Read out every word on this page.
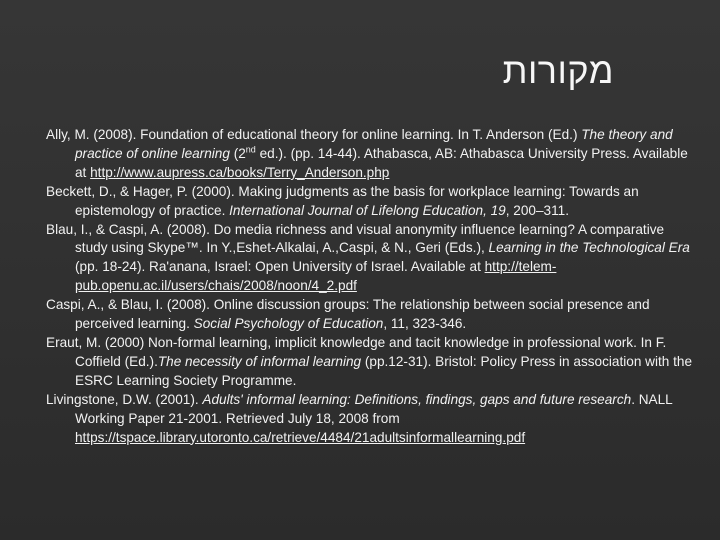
מקורות
Ally, M. (2008). Foundation of educational theory for online learning. In T. Anderson (Ed.) The theory and practice of online learning (2nd ed.). (pp. 14-44). Athabasca, AB: Athabasca University Press. Available at http://www.aupress.ca/books/Terry_Anderson.php
Beckett, D., & Hager, P. (2000). Making judgments as the basis for workplace learning: Towards an epistemology of practice. International Journal of Lifelong Education, 19, 200–311.
Blau, I., & Caspi, A. (2008). Do media richness and visual anonymity influence learning? A comparative study using Skype™. In Y.,Eshet-Alkalai, A.,Caspi, & N., Geri (Eds.), Learning in the Technological Era (pp. 18-24). Ra'anana, Israel: Open University of Israel. Available at http://telem-pub.openu.ac.il/users/chais/2008/noon/4_2.pdf
Caspi, A., & Blau, I. (2008). Online discussion groups: The relationship between social presence and perceived learning. Social Psychology of Education, 11, 323-346.
Eraut, M. (2000) Non-formal learning, implicit knowledge and tacit knowledge in professional work. In F. Coffield (Ed.).The necessity of informal learning (pp.12-31). Bristol: Policy Press in association with the ESRC Learning Society Programme.
Livingstone, D.W. (2001). Adults' informal learning: Definitions, findings, gaps and future research. NALL Working Paper 21-2001. Retrieved July 18, 2008 from https://tspace.library.utoronto.ca/retrieve/4484/21adultsinformallearning.pdf
